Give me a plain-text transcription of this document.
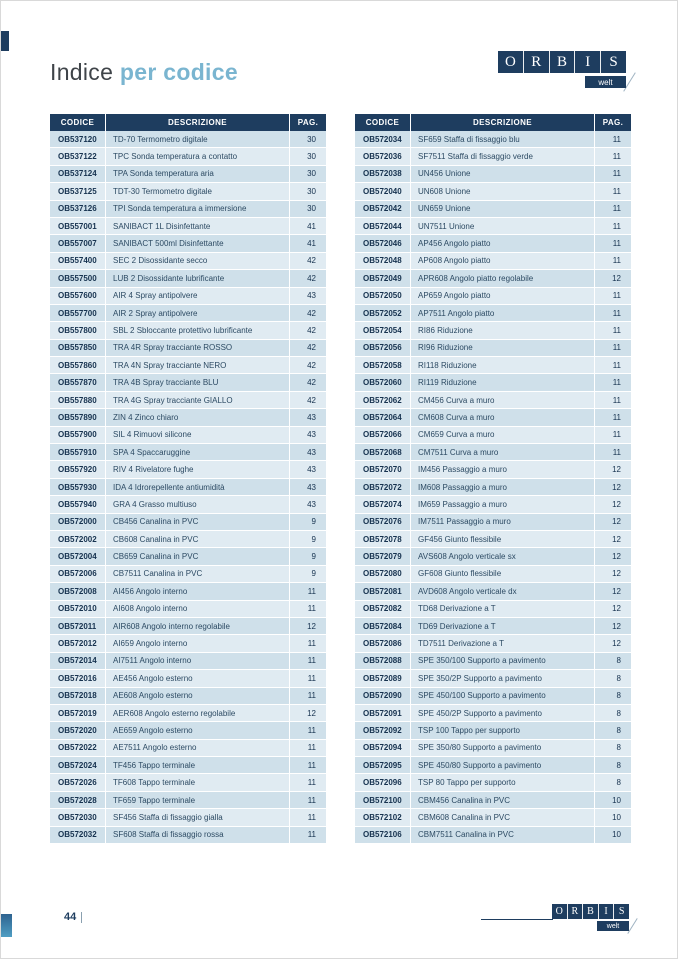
Indice per codice	O	R	B	I	S
welt
CODICE	DESCRIZIONE	PAG.
OB537120	TD-70 Termometro digitale	30
OB537122	TPC Sonda temperatura a contatto	30
OB537124	TPA Sonda temperatura aria	30
OB537125	TDT-30 Termometro digitale	30
OB537126	TPI Sonda temperatura a immersione	30
OB557001	SANIBACT 1L Disinfettante	41
OB557007	SANIBACT 500ml Disinfettante	41
OB557400	SEC 2 Disossidante secco	42
OB557500	LUB 2 Disossidante lubrificante	42
OB557600	AIR 4 Spray antipolvere	43
OB557700	AIR 2 Spray antipolvere	42
OB557800	SBL 2 Sbloccante protettivo lubrificante	42
OB557850	TRA 4R Spray tracciante ROSSO	42
OB557860	TRA 4N Spray tracciante NERO	42
OB557870	TRA 4B Spray tracciante BLU	42
OB557880	TRA 4G Spray tracciante GIALLO	42
OB557890	ZIN 4 Zinco chiaro	43
OB557900	SIL 4 Rimuovi silicone	43
OB557910	SPA 4 Spaccaruggine	43
OB557920	RIV 4 Rivelatore fughe	43
OB557930	IDA 4 Idrorepellente antiumidità	43
OB557940	GRA 4 Grasso multiuso	43
OB572000	CB456 Canalina in PVC	9
OB572002	CB608 Canalina in PVC	9
OB572004	CB659 Canalina in PVC	9
OB572006	CB7511 Canalina in PVC	9
OB572008	AI456 Angolo interno	11
OB572010	AI608 Angolo interno	11
OB572011	AIR608 Angolo interno regolabile	12
OB572012	AI659 Angolo interno	11
OB572014	AI7511 Angolo interno	11
OB572016	AE456 Angolo esterno	11
OB572018	AE608 Angolo esterno	11
OB572019	AER608 Angolo esterno regolabile	12
OB572020	AE659 Angolo esterno	11
OB572022	AE7511 Angolo esterno	11
OB572024	TF456 Tappo terminale	11
OB572026	TF608 Tappo terminale	11
OB572028	TF659 Tappo terminale	11
OB572030	SF456 Staffa di fissaggio gialla	11
OB572032	SF608 Staffa di fissaggio rossa	11
CODICE	DESCRIZIONE	PAG.
OB572034	SF659 Staffa di fissaggio blu	11
OB572036	SF7511 Staffa di fissaggio verde	11
OB572038	UN456 Unione	11
OB572040	UN608 Unione	11
OB572042	UN659 Unione	11
OB572044	UN7511 Unione	11
OB572046	AP456 Angolo piatto	11
OB572048	AP608 Angolo piatto	11
OB572049	APR608 Angolo piatto regolabile	12
OB572050	AP659 Angolo piatto	11
OB572052	AP7511 Angolo piatto	11
OB572054	RI86 Riduzione	11
OB572056	RI96 Riduzione	11
OB572058	RI118 Riduzione	11
OB572060	RI119 Riduzione	11
OB572062	CM456 Curva a muro	11
OB572064	CM608 Curva a muro	11
OB572066	CM659 Curva a muro	11
OB572068	CM7511 Curva a muro	11
OB572070	IM456 Passaggio a muro	12
OB572072	IM608 Passaggio a muro	12
OB572074	IM659 Passaggio a muro	12
OB572076	IM7511 Passaggio a muro	12
OB572078	GF456 Giunto flessibile	12
OB572079	AVS608 Angolo verticale sx	12
OB572080	GF608 Giunto flessibile	12
OB572081	AVD608 Angolo verticale dx	12
OB572082	TD68 Derivazione a T	12
OB572084	TD69 Derivazione a T	12
OB572086	TD7511 Derivazione a T	12
OB572088	SPE 350/100 Supporto a pavimento	8
OB572089	SPE 350/2P Supporto a pavimento	8
OB572090	SPE 450/100 Supporto a pavimento	8
OB572091	SPE 450/2P Supporto a pavimento	8
OB572092	TSP 100 Tappo per supporto	8
OB572094	SPE 350/80 Supporto a pavimento	8
OB572095	SPE 450/80 Supporto a pavimento	8
OB572096	TSP 80 Tappo per supporto	8
OB572100	CBM456 Canalina in PVC	10
OB572102	CBM608 Canalina in PVC	10
OB572106	CBM7511 Canalina in PVC	10
44	O R B	I	S
welt
